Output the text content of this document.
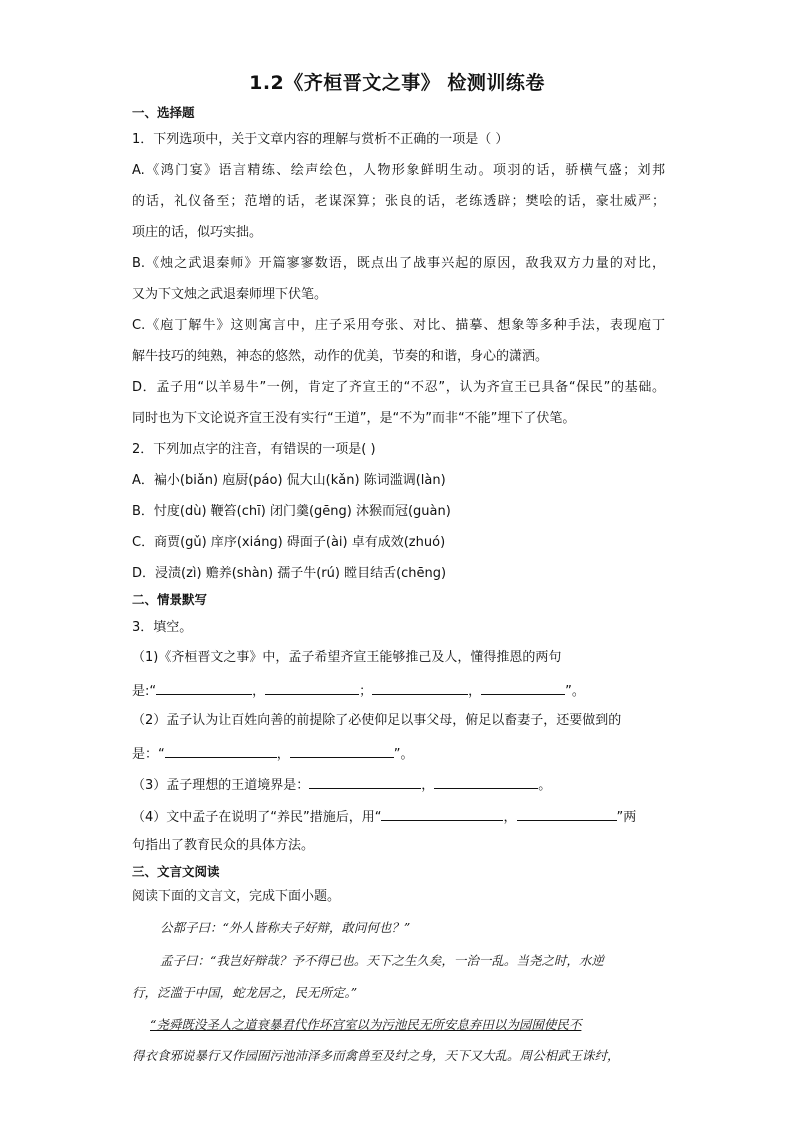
1.2《齐桓晋文之事》 检测训练卷
一、选择题
1．下列选项中，关于文章内容的理解与赏析不正确的一项是（ ）
A.《鸿门宴》语言精练、绘声绘色，人物形象鲜明生动。项羽的话，骄横气盛；刘邦
的话，礼仪备至；范增的话，老谋深算；张良的话，老练透辟；樊哙的话，豪壮威严；
项庄的话，似巧实拙。
B.《烛之武退秦师》开篇寥寥数语，既点出了战事兴起的原因，敌我双方力量的对比，
又为下文烛之武退秦师埋下伏笔。
C.《庖丁解牛》这则寓言中，庄子采用夸张、对比、描摹、想象等多种手法，表现庖丁
解牛技巧的纯熟，神态的悠然，动作的优美，节奏的和谐，身心的潇洒。
D．孟子用“以羊易牛”一例，肯定了齐宣王的“不忍”，认为齐宣王已具备“保民”的基础。
同时也为下文论说齐宣王没有实行“王道”，是“不为”而非“不能”埋下了伏笔。
2．下列加点字的注音，有错误的一项是( )
A．褊小(biǎn) 庖厨(páo) 侃大山(kǎn) 陈词滥调(làn)
B．忖度(dù) 鞭笞(chī) 闭门羹(gēng) 沐猴而冠(guàn)
C．商贾(gǔ) 庠序(xiáng) 碍面子(ài) 卓有成效(zhuó)
D．浸渍(zì) 赡养(shàn) 孺子牛(rú) 瞠目结舌(chēng)
二、情景默写
3．填空。
（1)《齐桓晋文之事》中，孟子希望齐宣王能够推己及人，懂得推恩的两句
是:“	，	；	，	”。
（2）孟子认为让百姓向善的前提除了必使仰足以事父母，俯足以畜妻子，还要做到的
是：“	，	”。
（3）孟子理想的王道境界是：	，	。
（4）文中孟子在说明了“养民”措施后，用“	，	”两
句指出了教育民众的具体方法。
三、文言文阅读
阅读下面的文言文，完成下面小题。
公都子曰：“外人皆称夫子好辩，敢问何也？”
孟子曰：“我岂好辩哉？予不得已也。天下之生久矣，一治一乱。当尧之时，水逆
行，泛滥于中国，蛇龙居之，民无所定。”
“尧舜既没圣人之道衰暴君代作坏宫室以为污池民无所安息弃田以为园囿使民不
得衣食邪说暴行又作园囿污池沛泽多而禽兽至及纣之身，天下又大乱。周公相武王诛纣，
